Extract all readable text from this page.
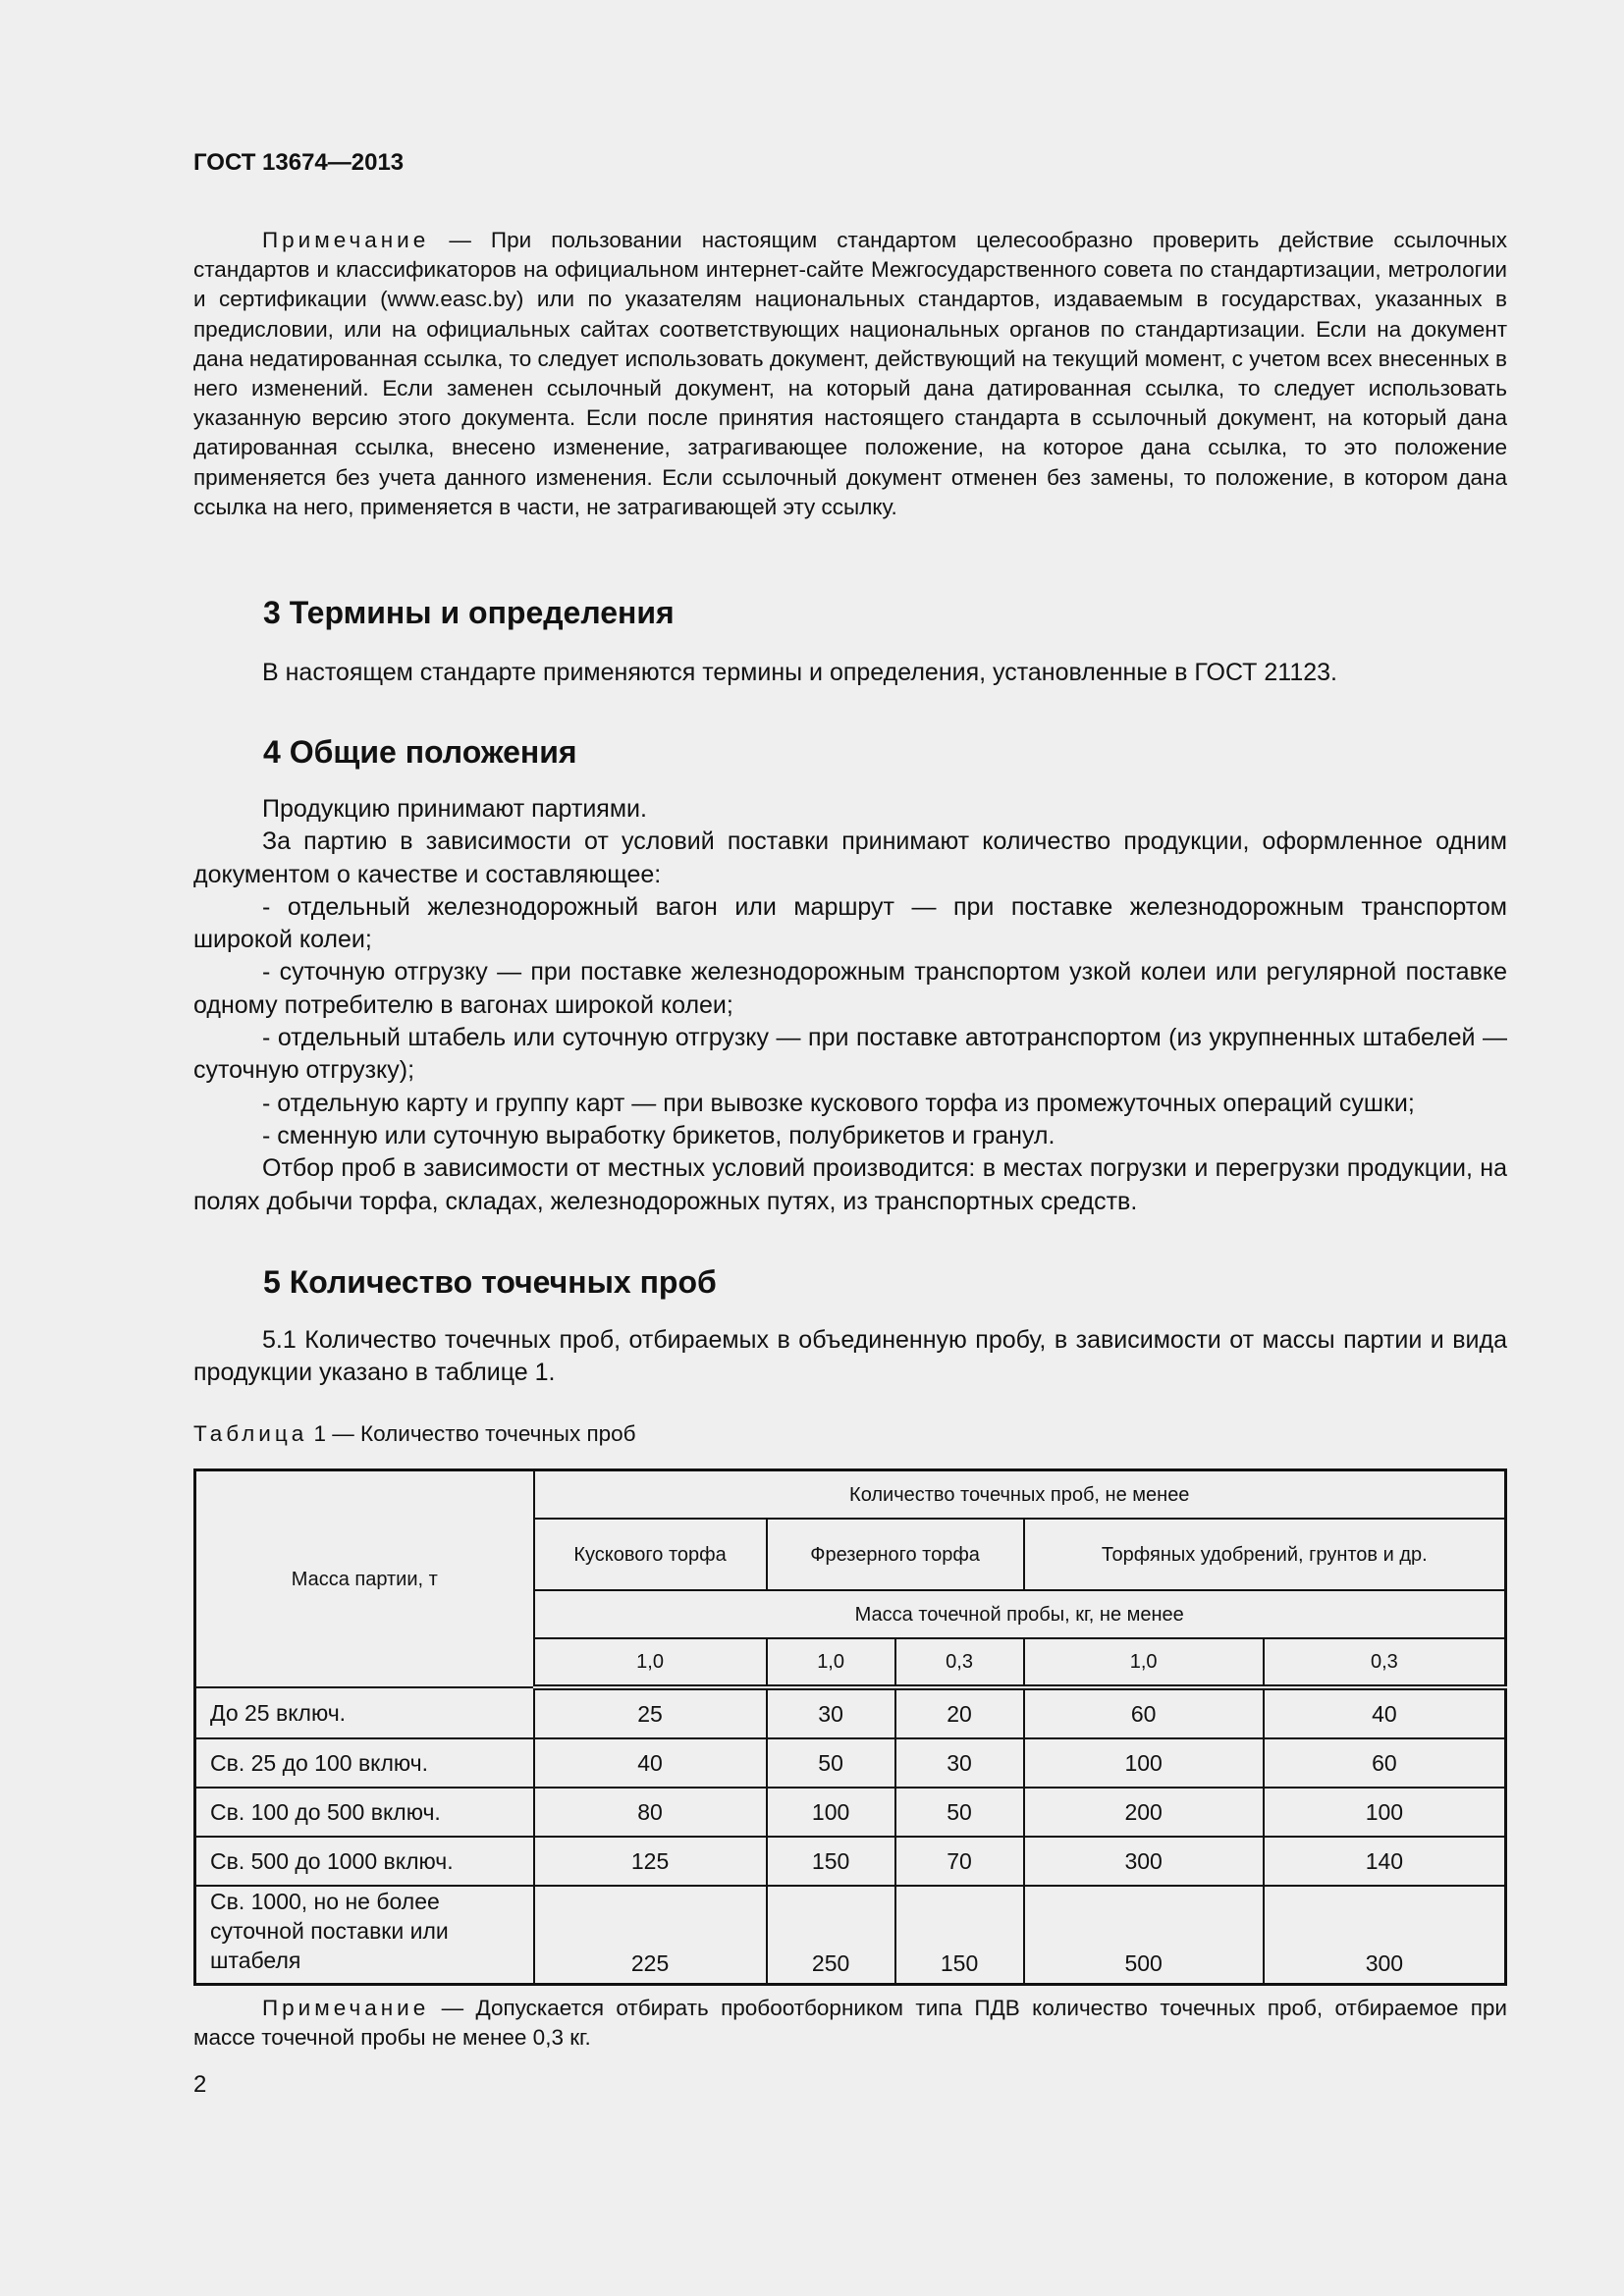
ГОСТ 13674—2013

Примечание — При пользовании настоящим стандартом целесообразно проверить действие ссылочных стандартов и классификаторов на официальном интернет-сайте Межгосударственного совета по стандартизации, метрологии и сертификации (www.easc.by) или по указателям национальных стандартов, издаваемым в государствах, указанных в предисловии, или на официальных сайтах соответствующих национальных органов по стандартизации. Если на документ дана недатированная ссылка, то следует использовать документ, действующий на текущий момент, с учетом всех внесенных в него изменений. Если заменен ссылочный документ, на который дана датированная ссылка, то следует использовать указанную версию этого документа. Если после принятия настоящего стандарта в ссылочный документ, на который дана датированная ссылка, внесено изменение, затрагивающее положение, на которое дана ссылка, то это положение применяется без учета данного изменения. Если ссылочный документ отменен без замены, то положение, в котором дана ссылка на него, применяется в части, не затрагивающей эту ссылку.

3 Термины и определения

В настоящем стандарте применяются термины и определения, установленные в ГОСТ 21123.

4 Общие положения

Продукцию принимают партиями.

За партию в зависимости от условий поставки принимают количество продукции, оформленное одним документом о качестве и составляющее:

- отдельный железнодорожный вагон или маршрут — при поставке железнодорожным транспортом широкой колеи;

- суточную отгрузку — при поставке железнодорожным транспортом узкой колеи или регулярной поставке одному потребителю в вагонах широкой колеи;

- отдельный штабель или суточную отгрузку — при поставке автотранспортом (из укрупненных штабелей — суточную отгрузку);

- отдельную карту и группу карт — при вывозке кускового торфа из промежуточных операций сушки;

- сменную или суточную выработку брикетов, полубрикетов и гранул.

Отбор проб в зависимости от местных условий производится: в местах погрузки и перегрузки продукции, на полях добычи торфа, складах, железнодорожных путях, из транспортных средств.

5 Количество точечных проб

5.1 Количество точечных проб, отбираемых в объединенную пробу, в зависимости от массы партии и вида продукции указано в таблице 1.

Таблица 1 — Количество точечных проб
Масса партии, т	Количество точечных проб, не менее				
	Кускового торфа	Фрезерного торфа		Торфяных удобрений, грунтов и др.	
	Масса точечной пробы, кг, не менее				
	1,0	1,0	0,3	1,0	0,3
До 25 включ.	25	30	20	60	40
Св. 25 до 100 включ.	40	50	30	100	60
Св. 100 до 500 включ.	80	100	50	200	100
Св. 500 до 1000 включ.	125	150	70	300	140
Св. 1000, но не более суточной поставки или штабеля	225	250	150	500	300

Примечание — Допускается отбирать пробоотборником типа ПДВ количество точечных проб, отбираемое при массе точечной пробы не менее 0,3 кг.

2
